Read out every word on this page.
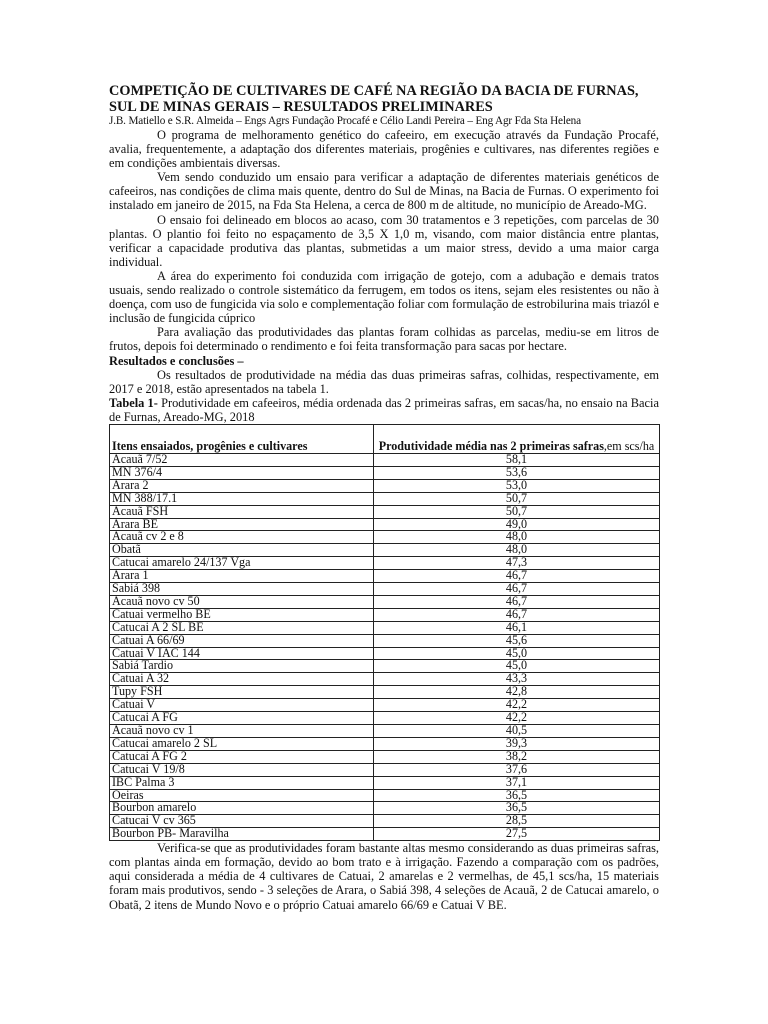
COMPETIÇÃO DE CULTIVARES DE CAFÉ NA REGIÃO DA BACIA DE FURNAS, SUL DE MINAS GERAIS – RESULTADOS PRELIMINARES
J.B. Matiello e S.R. Almeida – Engs Agrs Fundação Procafé e Célio Landi Pereira – Eng Agr Fda Sta Helena

O programa de melhoramento genético do cafeeiro, em execução através da Fundação Procafé, avalia, frequentemente, a adaptação dos diferentes materiais, progênies e cultivares, nas diferentes regiões e em condições ambientais diversas.

Vem sendo conduzido um ensaio para verificar a adaptação de diferentes materiais genéticos de cafeeiros, nas condições de clima mais quente, dentro do Sul de Minas, na Bacia de Furnas. O experimento foi instalado em janeiro de 2015, na Fda Sta Helena, a cerca de 800 m de altitude, no município de Areado-MG.

O ensaio foi delineado em blocos ao acaso, com 30 tratamentos e 3 repetições, com parcelas de 30 plantas. O plantio foi feito no espaçamento de 3,5 X 1,0 m, visando, com maior distância entre plantas, verificar a capacidade produtiva das plantas, submetidas a um maior stress, devido a uma maior carga individual.

A área do experimento foi conduzida com irrigação de gotejo, com a adubação e demais tratos usuais, sendo realizado o controle sistemático da ferrugem, em todos os itens, sejam eles resistentes ou não à doença, com uso de fungicida via solo e complementação foliar com formulação de estrobilurina mais triazól e inclusão de fungicida cúprico

Para avaliação das produtividades das plantas foram colhidas as parcelas, mediu-se em litros de frutos, depois foi determinado o rendimento e foi feita transformação para sacas por hectare.

Resultados e conclusões –

Os resultados de produtividade na média das duas primeiras safras, colhidas, respectivamente, em 2017 e 2018, estão apresentados na tabela 1.

Tabela 1- Produtividade em cafeeiros, média ordenada das 2 primeiras safras, em sacas/ha, no ensaio na Bacia de Furnas, Areado-MG, 2018

Itens ensaiados, progênies e cultivares	Produtividade média nas 2 primeiras safras,em scs/ha
Acauã 7/52	58,1
MN 376/4	53,6
Arara 2	53,0
MN 388/17.1	50,7
Acauã FSH	50,7
Arara BE	49,0
Acauã cv 2 e 8	48,0
Obatã	48,0
Catucai amarelo 24/137 Vga	47,3
Arara 1	46,7
Sabiá 398	46,7
Acauã novo cv 50	46,7
Catuai vermelho BE	46,7
Catucai A 2 SL BE	46,1
Catuai A 66/69	45,6
Catuai V IAC 144	45,0
Sabiá Tardio	45,0
Catuai A 32	43,3
Tupy FSH	42,8
Catuai V	42,2
Catucai A FG	42,2
Acauã novo cv 1	40,5
Catucai amarelo 2 SL	39,3
Catucai A FG 2	38,2
Catucai V 19/8	37,6
IBC Palma 3	37,1
Oeiras	36,5
Bourbon amarelo	36,5
Catucai V cv 365	28,5
Bourbon PB- Maravilha	27,5

Verifica-se que as produtividades foram bastante altas mesmo considerando as duas primeiras safras, com plantas ainda em formação, devido ao bom trato e à irrigação. Fazendo a comparação com os padrões, aqui considerada a média de 4 cultivares de Catuai, 2 amarelas e 2 vermelhas, de 45,1 scs/ha, 15 materiais foram mais produtivos, sendo - 3 seleções de Arara, o Sabiá 398, 4 seleções de Acauã, 2 de Catucai amarelo, o Obatã, 2 itens de Mundo Novo e o próprio Catuai amarelo 66/69 e Catuai V BE.
